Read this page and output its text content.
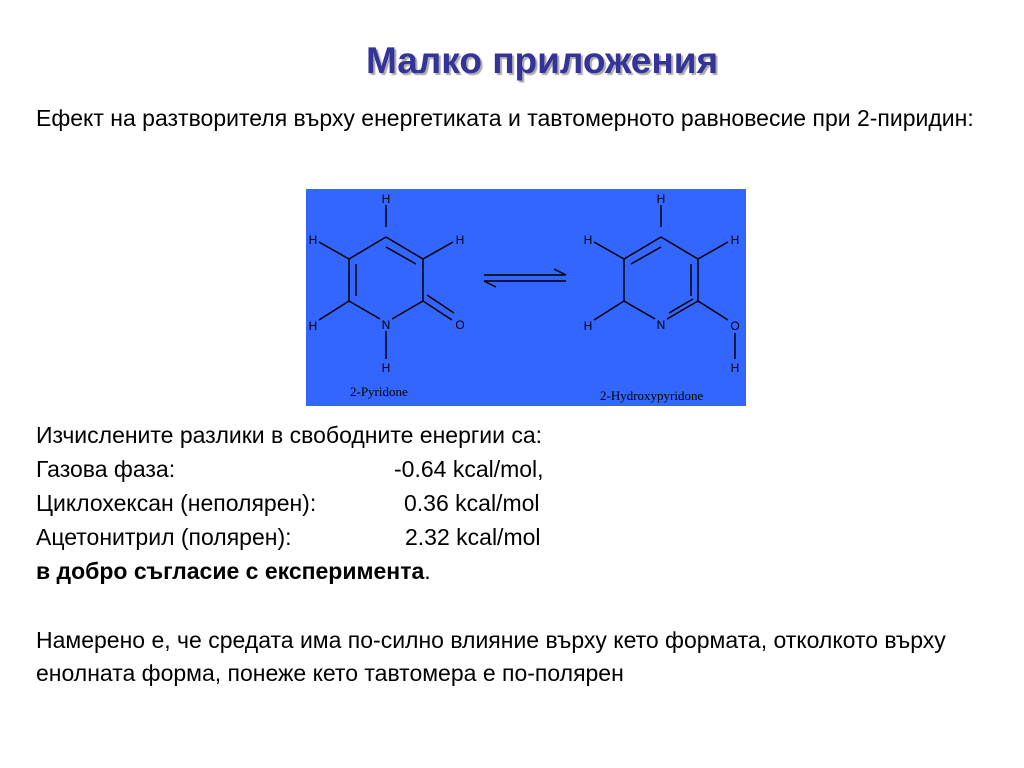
Малко приложения

Ефект на разтворителя върху енергетиката и тавтомерното равновесие при 2-пиридин:

H
H	H
H	N	O
H
H
H	H
H	N	O
H
2-Pyridone	2-Hydroxypyridone
Изчислените разлики в свободните енергии са:
Газова фаза:	-0.64 kcal/mol,
Циклохексан (неполярен):	0.36 kcal/mol
Ацетонитрил (полярен):	2.32 kcal/mol
в добро съгласие с експеримента.

Намерено е, че средата има по-силно влияние върху кето формата, отколкото върху енолната форма, понеже кето тавтомера е по-полярен
